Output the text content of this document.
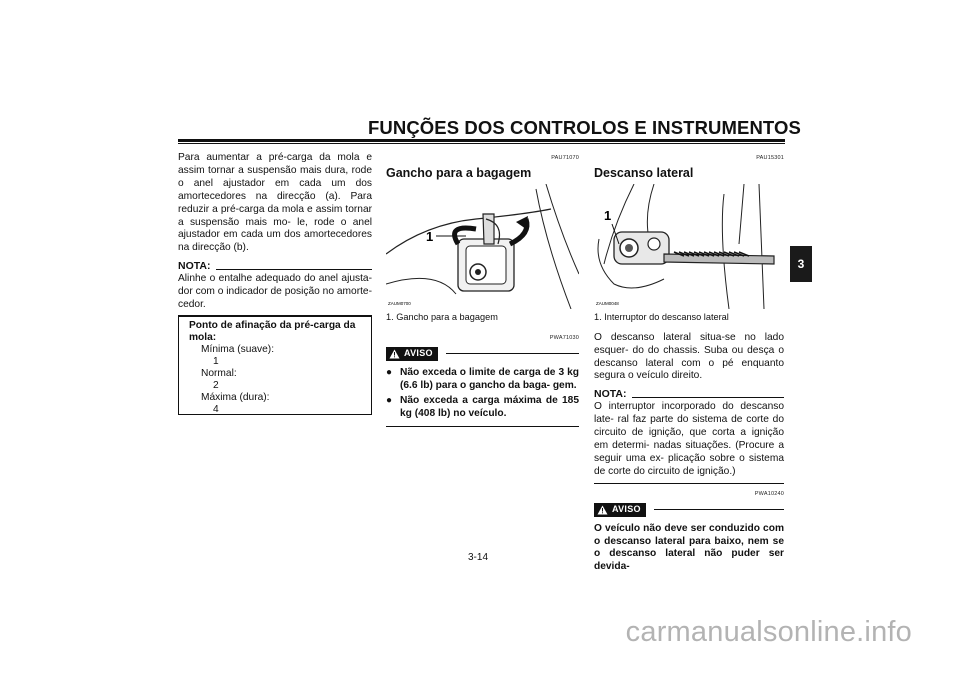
FUNÇÕES DOS CONTROLOS E INSTRUMENTOS
3

Para aumentar a pré-carga da mola e assim tornar a suspensão mais dura, rode o anel ajustador em cada um dos amortecedores na direcção (a). Para reduzir a pré-carga da mola e assim tornar a suspensão mais mo- le, rode o anel ajustador em cada um dos amortecedores na direcção (b).

NOTA:

Alinhe o entalhe adequado do anel ajusta- dor com o indicador de posição no amorte- cedor.

Ponto de afinação da pré-carga da mola:
Mínima (suave):
1
Normal:
2
Máxima (dura):
4
PAU71070
Gancho para a bagagem
1
ZAUM0700
1. Gancho para a bagagem
PWA71030
AVISO
● Não exceda o limite de carga de 3 kg (6.6 lb) para o gancho da baga- gem.
● Não exceda a carga máxima de 185 kg (408 lb) no veículo.
PAU15301
Descanso lateral
1
ZAUM0048
1. Interruptor do descanso lateral

O descanso lateral situa-se no lado esquer- do do chassis. Suba ou desça o descanso lateral com o pé enquanto segura o veículo direito.

NOTA:

O interruptor incorporado do descanso late- ral faz parte do sistema de corte do circuito de ignição, que corta a ignição em determi- nadas situações. (Procure a seguir uma ex- plicação sobre o sistema de corte do circuito de ignição.)

PWA10240
AVISO

O veículo não deve ser conduzido com o descanso lateral para baixo, nem se o descanso lateral não puder ser devida-

3-14
carmanualsonline.info
